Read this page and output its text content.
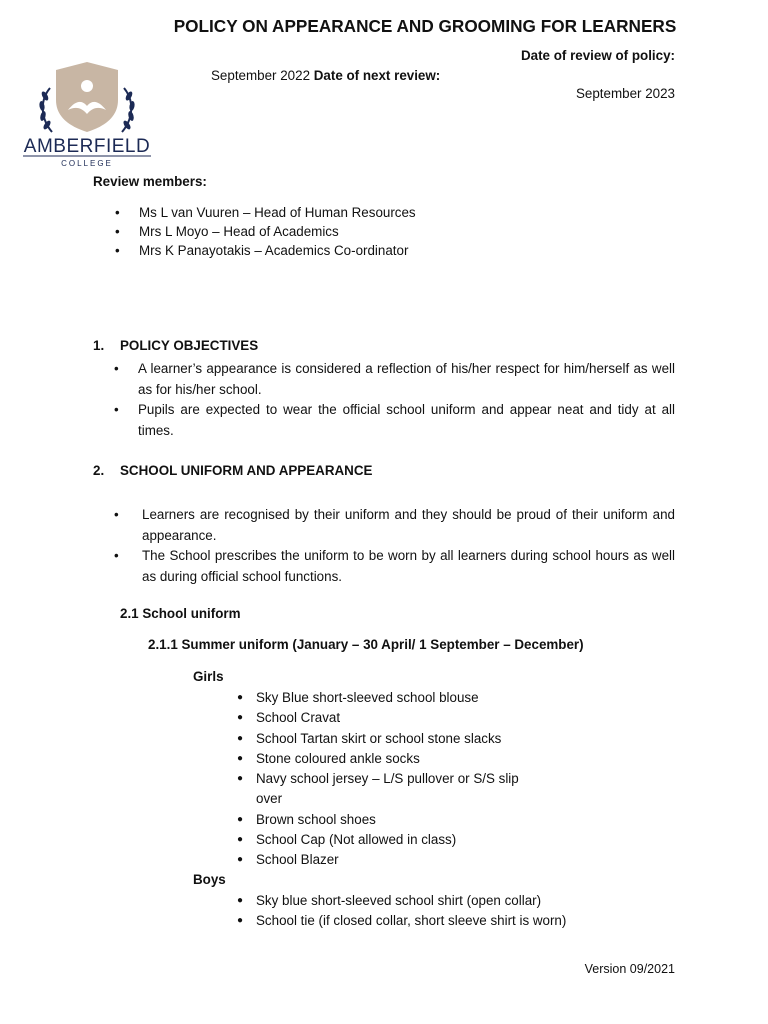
POLICY ON APPEARANCE AND GROOMING FOR LEARNERS
Date of review of policy:
September 2022 Date of next review:
September 2023
AMBERFIELD
COLLEGE
Review members:
• Ms L van Vuuren – Head of Human Resources
• Mrs L Moyo – Head of Academics
• Mrs K Panayotakis – Academics Co-ordinator
1. POLICY OBJECTIVES
• A learner’s appearance is considered a reflection of his/her respect for him/herself as well as for his/her school.
• Pupils are expected to wear the official school uniform and appear neat and tidy at all times.
2. SCHOOL UNIFORM AND APPEARANCE
• Learners are recognised by their uniform and they should be proud of their uniform and appearance.
• The School prescribes the uniform to be worn by all learners during school hours as well as during official school functions.
2.1 School uniform
2.1.1 Summer uniform (January – 30 April/ 1 September – December)
Girls
● Sky Blue short-sleeved school blouse
● School Cravat
● School Tartan skirt or school stone slacks
● Stone coloured ankle socks
● Navy school jersey – L/S pullover or S/S slip over
● Brown school shoes
● School Cap (Not allowed in class)
● School Blazer
Boys
● Sky blue short-sleeved school shirt (open collar)
● School tie (if closed collar, short sleeve shirt is worn)
Version 09/2021
